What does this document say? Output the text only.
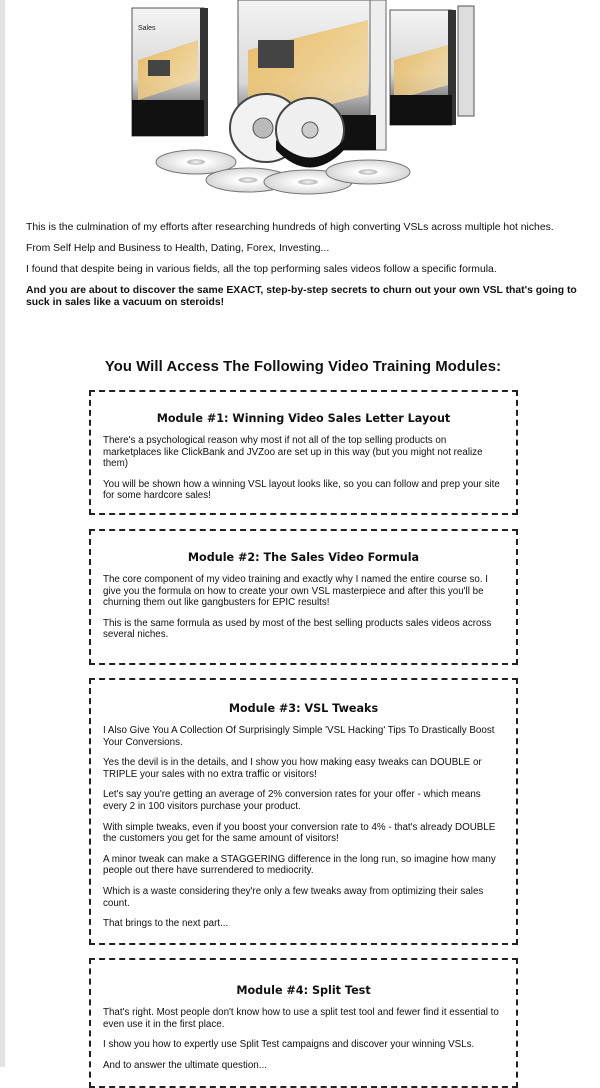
Sales

This is the culmination of my efforts after researching hundreds of high converting VSLs across multiple hot niches.

From Self Help and Business to Health, Dating, Forex, Investing...

I found that despite being in various fields, all the top performing sales videos follow a specific formula.

And you are about to discover the same EXACT, step-by-step secrets to churn out your own VSL that's going to suck in sales like a vacuum on steroids!

You Will Access The Following Video Training Modules:
Module #1: Winning Video Sales Letter Layout

There's a psychological reason why most if not all of the top selling products on marketplaces like ClickBank and JVZoo are set up in this way (but you might not realize them)

You will be shown how a winning VSL layout looks like, so you can follow and prep your site for some hardcore sales!

Module #2: The Sales Video Formula

The core component of my video training and exactly why I named the entire course so. I give you the formula on how to create your own VSL masterpiece and after this you'll be churning them out like gangbusters for EPIC results!

This is the same formula as used by most of the best selling products sales videos across several niches.

Module #3: VSL Tweaks

I Also Give You A Collection Of Surprisingly Simple 'VSL Hacking' Tips To Drastically Boost Your Conversions.

Yes the devil is in the details, and I show you how making easy tweaks can DOUBLE or TRIPLE your sales with no extra traffic or visitors!

Let's say you're getting an average of 2% conversion rates for your offer - which means every 2 in 100 visitors purchase your product.

With simple tweaks, even if you boost your conversion rate to 4% - that's already DOUBLE the customers you get for the same amount of visitors!

A minor tweak can make a STAGGERING difference in the long run, so imagine how many people out there have surrendered to mediocrity.

Which is a waste considering they're only a few tweaks away from optimizing their sales count.

That brings to the next part...

Module #4: Split Test

That's right. Most people don't know how to use a split test tool and fewer find it essential to even use it in the first place.

I show you how to expertly use Split Test campaigns and discover your winning VSLs.

And to answer the ultimate question...
